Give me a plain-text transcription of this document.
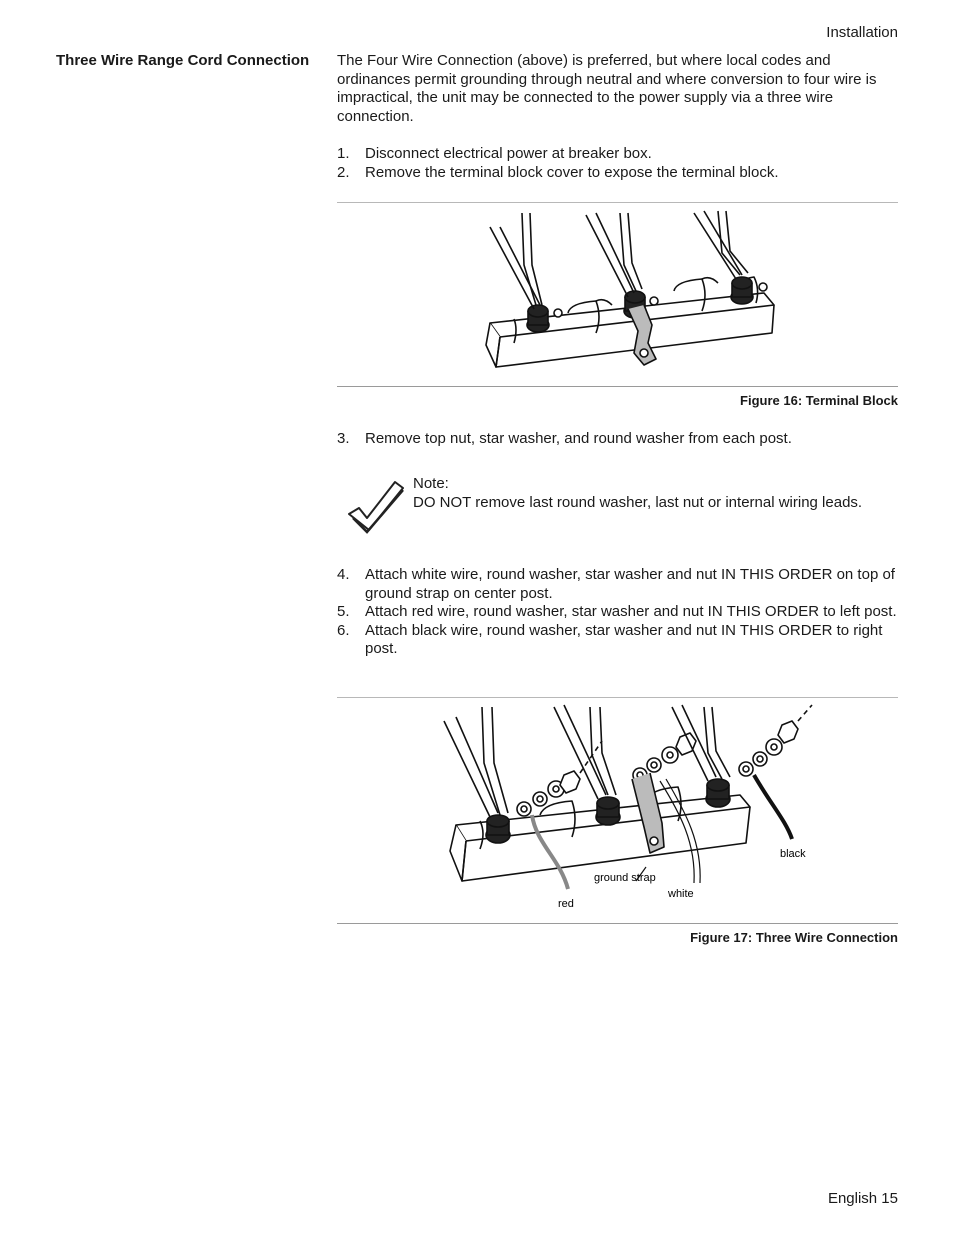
Installation
Three Wire Range Cord Connection The Four Wire Connection (above) is preferred, but where local codes and ordinances permit grounding through neutral and where conversion to four wire is impractical, the unit may be connected to the power supply via a three wire connection.
1. Disconnect electrical power at breaker box.
2. Remove the terminal block cover to expose the terminal block.
Figure 16: Terminal Block
3. Remove top nut, star washer, and round washer from each post.
Note:
DO NOT remove last round washer, last nut or internal wiring leads.
4. Attach white wire, round washer, star washer and nut IN THIS ORDER on top of ground strap on center post.
5. Attach red wire, round washer, star washer and nut IN THIS ORDER to left post.
6. Attach black wire, round washer, star washer and nut IN THIS ORDER to right post.
black
ground strap
white
red
Figure 17: Three Wire Connection
English 15
